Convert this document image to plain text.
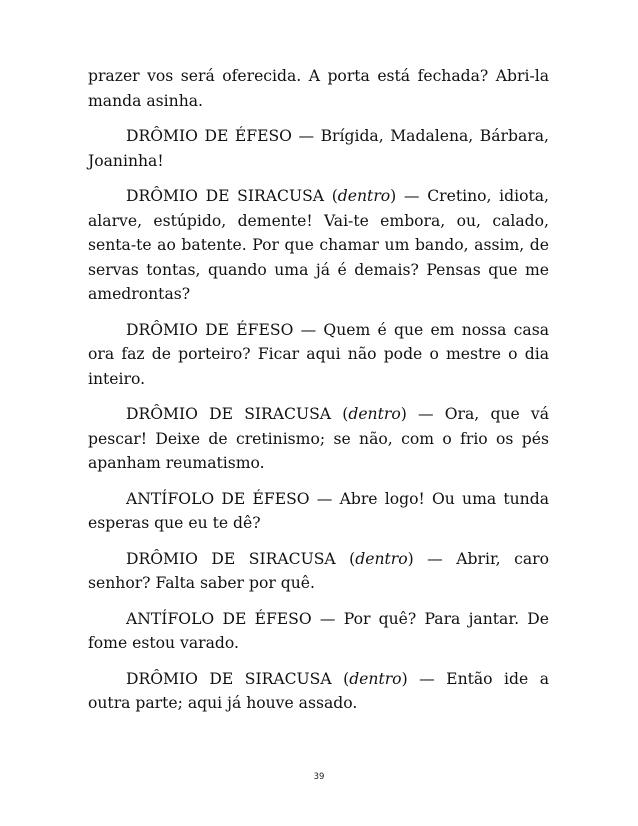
prazer vos será oferecida. A porta está fechada? Abri-la manda asinha.

DRÔMIO DE ÉFESO — Brígida, Madalena, Bárbara, Joaninha!

DRÔMIO DE SIRACUSA (dentro) — Cretino, idiota, alarve, estúpido, demente! Vai-te embora, ou, calado, senta-te ao batente. Por que chamar um bando, assim, de servas tontas, quando uma já é demais? Pensas que me amedrontas?

DRÔMIO DE ÉFESO — Quem é que em nossa casa ora faz de porteiro? Ficar aqui não pode o mestre o dia inteiro.

DRÔMIO DE SIRACUSA (dentro) — Ora, que vá pescar! Deixe de cretinismo; se não, com o frio os pés apanham reumatismo.

ANTÍFOLO DE ÉFESO — Abre logo! Ou uma tunda esperas que eu te dê?

DRÔMIO DE SIRACUSA (dentro) — Abrir, caro senhor? Falta saber por quê.

ANTÍFOLO DE ÉFESO — Por quê? Para jantar. De fome estou varado.

DRÔMIO DE SIRACUSA (dentro) — Então ide a outra parte; aqui já houve assado.

39
